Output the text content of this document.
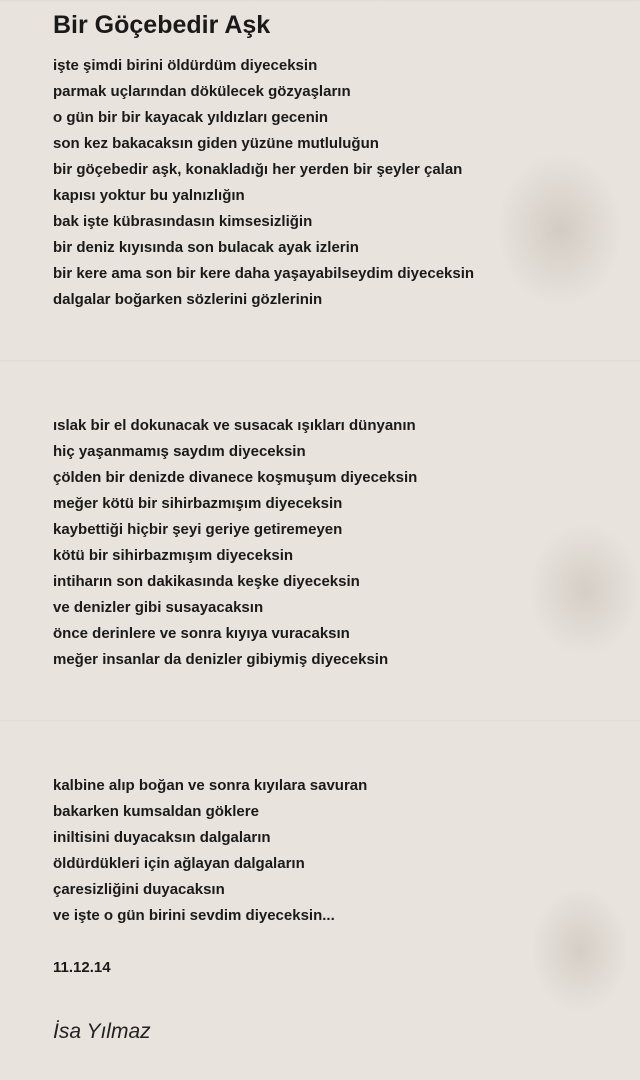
Bir Göçebedir Aşk
işte şimdi birini öldürdüm diyeceksin
parmak uçlarından dökülecek gözyaşların
o gün bir bir kayacak yıldızları gecenin
son kez bakacaksın giden yüzüne mutluluğun
bir göçebedir aşk, konakladığı her yerden bir şeyler çalan
kapısı yoktur bu yalnızlığın
bak işte kübrasındasın kimsesizliğin
bir deniz kıyısında son bulacak ayak izlerin
bir kere ama son bir kere daha yaşayabilseydim diyeceksin
dalgalar boğarken sözlerini gözlerinin
ıslak bir el dokunacak ve susacak ışıkları dünyanın
hiç yaşanmamış saydım diyeceksin
çölden bir denizde divanece koşmuşum diyeceksin
meğer kötü bir sihirbazmışım diyeceksin
kaybettiği hiçbir şeyi geriye getiremeyen
kötü bir sihirbazmışım diyeceksin
intiharın son dakikasında keşke diyeceksin
ve denizler gibi susayacaksın
önce derinlere ve sonra kıyıya vuracaksın
meğer insanlar da denizler gibiymiş diyeceksin
kalbine alıp boğan ve sonra kıyılara savuran
bakarken kumsaldan göklere
iniltisini duyacaksın dalgaların
öldürdükleri için ağlayan dalgaların
çaresizliğini duyacaksın
ve işte o gün birini sevdim diyeceksin...
11.12.14
İsa Yılmaz
